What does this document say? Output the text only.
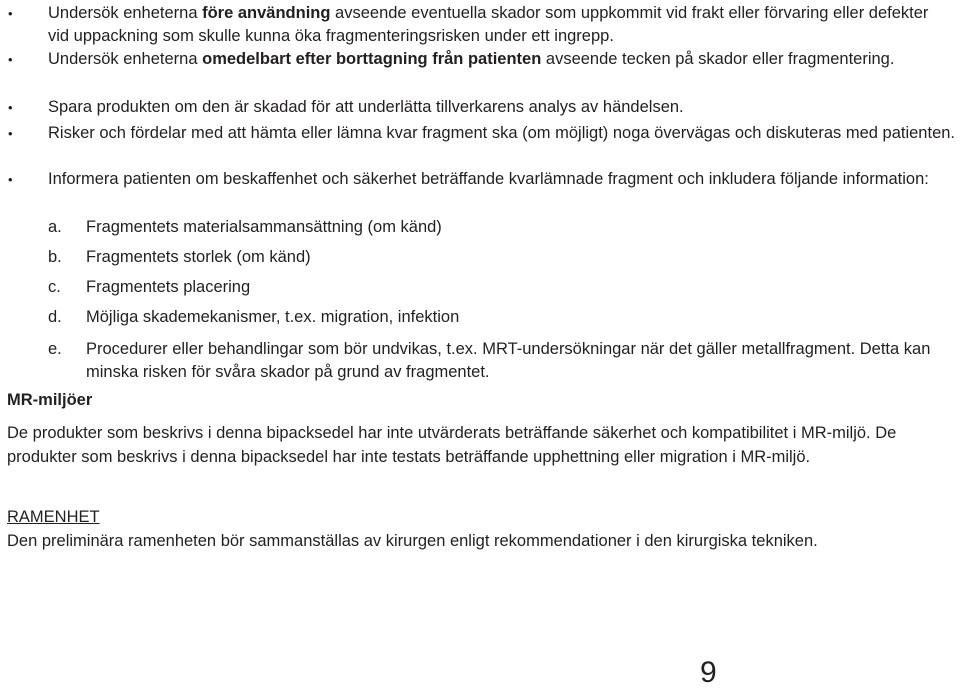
• Undersök enheterna före användning avseende eventuella skador som uppkommit vid frakt eller förvaring eller defekter vid uppackning som skulle kunna öka fragmenteringsrisken under ett ingrepp.
• Undersök enheterna omedelbart efter borttagning från patienten avseende tecken på skador eller fragmentering.
• Spara produkten om den är skadad för att underlätta tillverkarens analys av händelsen.
• Risker och fördelar med att hämta eller lämna kvar fragment ska (om möjligt) noga övervägas och diskuteras med patienten.
• Informera patienten om beskaffenhet och säkerhet beträffande kvarlämnade fragment och inkludera följande information:
a. Fragmentets materialsammansättning (om känd)
b. Fragmentets storlek (om känd)
c. Fragmentets placering
d. Möjliga skademekanismer, t.ex. migration, infektion
e. Procedurer eller behandlingar som bör undvikas, t.ex. MRT-undersökningar när det gäller metallfragment. Detta kan minska risken för svåra skador på grund av fragmentet.
MR-miljöer
De produkter som beskrivs i denna bipacksedel har inte utvärderats beträffande säkerhet och kompatibilitet i MR-miljö. De produkter som beskrivs i denna bipacksedel har inte testats beträffande upphettning eller migration i MR-miljö.
RAMENHET
Den preliminära ramenheten bör sammanställas av kirurgen enligt rekommendationer i den kirurgiska tekniken.
9
